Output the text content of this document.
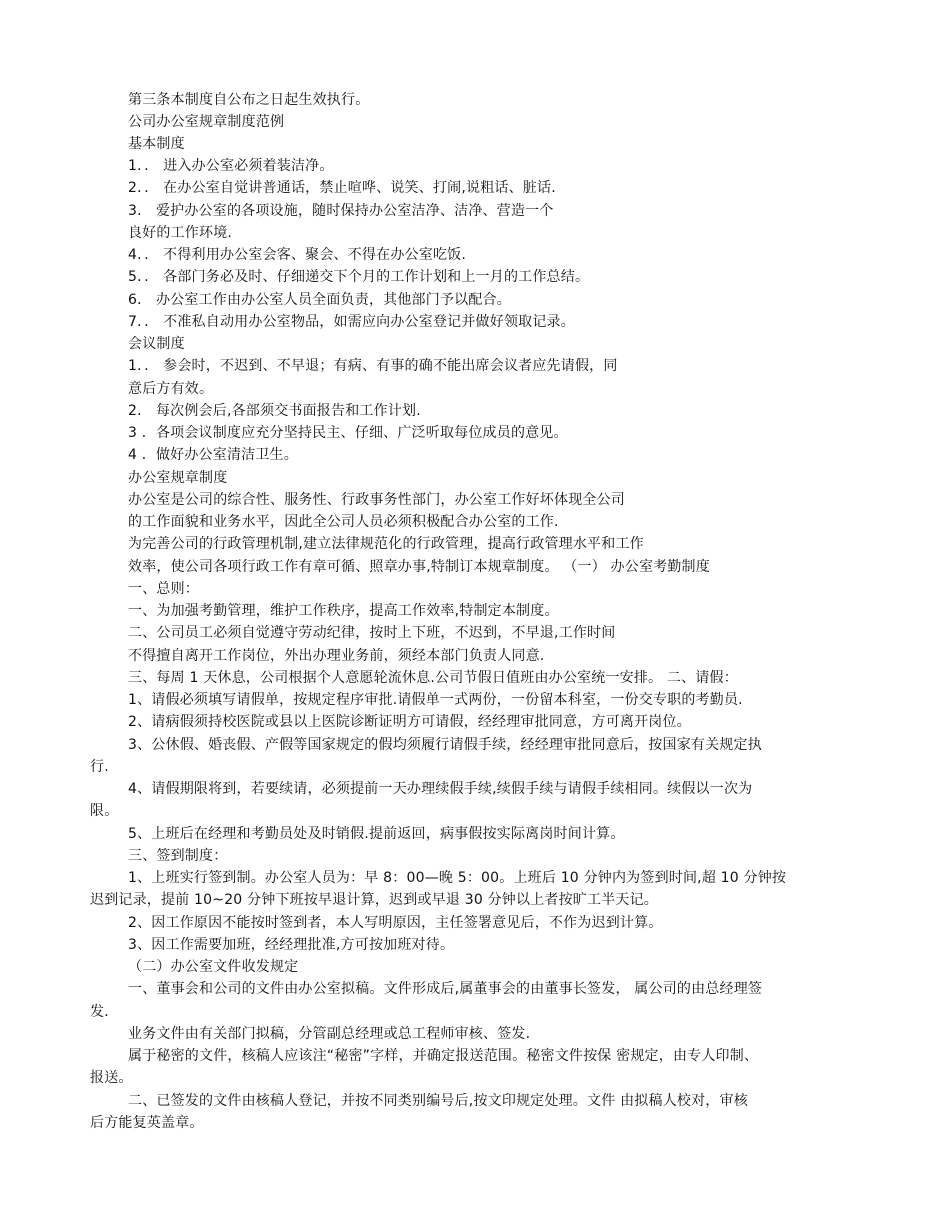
第三条本制度自公布之日起生效执行。
公司办公室规章制度范例
基本制度
1．． 进入办公室必须着装洁净。
2．． 在办公室自觉讲普通话，禁止喧哗、说笑、打闹,说粗话、脏话.
3． 爱护办公室的各项设施，随时保持办公室洁净、洁净、营造一个
良好的工作环境.
4．． 不得利用办公室会客、聚会、不得在办公室吃饭.
5．． 各部门务必及时、仔细递交下个月的工作计划和上一月的工作总结。
6． 办公室工作由办公室人员全面负责，其他部门予以配合。
7．． 不准私自动用办公室物品，如需应向办公室登记并做好领取记录。
会议制度
1．． 参会时，不迟到、不早退；有病、有事的确不能出席会议者应先请假，同
意后方有效。
2． 每次例会后,各部须交书面报告和工作计划.
3 ．各项会议制度应充分坚持民主、仔细、广泛听取每位成员的意见。
4 ．做好办公室清洁卫生。
办公室规章制度
办公室是公司的综合性、服务性、行政事务性部门，办公室工作好坏体现全公司
的工作面貌和业务水平，因此全公司人员必须积极配合办公室的工作.
为完善公司的行政管理机制,建立法律规范化的行政管理，提高行政管理水平和工作
效率，使公司各项行政工作有章可循、照章办事,特制订本规章制度。 （一） 办公室考勤制度
一、总则：
一、为加强考勤管理，维护工作秩序，提高工作效率,特制定本制度。
二、公司员工必须自觉遵守劳动纪律，按时上下班，不迟到，不早退,工作时间
不得擅自离开工作岗位，外出办理业务前，须经本部门负责人同意.
三、每周 1 天休息，公司根据个人意愿轮流休息.公司节假日值班由办公室统一安排。 二、请假：
1、请假必须填写请假单，按规定程序审批.请假单一式两份，一份留本科室，一份交专职的考勤员.
2、请病假须持校医院或县以上医院诊断证明方可请假，经经理审批同意，方可离开岗位。
3、公休假、婚丧假、产假等国家规定的假均须履行请假手续，经经理审批同意后，按国家有关规定执
行.
4、请假期限将到，若要续请，必须提前一天办理续假手续,续假手续与请假手续相同。续假以一次为
限。
5、上班后在经理和考勤员处及时销假.提前返回，病事假按实际离岗时间计算。
三、签到制度：
1、上班实行签到制。办公室人员为：早 8：00—晚 5：00。上班后 10 分钟内为签到时间,超 10 分钟按
迟到记录，提前 10~20 分钟下班按早退计算，迟到或早退 30 分钟以上者按旷工半天记。
2、因工作原因不能按时签到者，本人写明原因，主任签署意见后，不作为迟到计算。
3、因工作需要加班，经经理批准,方可按加班对待。
（二）办公室文件收发规定
一、董事会和公司的文件由办公室拟稿。文件形成后,属董事会的由董事长签发， 属公司的由总经理签
发．
业务文件由有关部门拟稿，分管副总经理或总工程师审核、签发.
属于秘密的文件，核稿人应该注“秘密”字样，并确定报送范围。秘密文件按保 密规定，由专人印制、
报送。
二、已签发的文件由核稿人登记，并按不同类别编号后,按文印规定处理。文件 由拟稿人校对，审核
后方能复英盖章。
